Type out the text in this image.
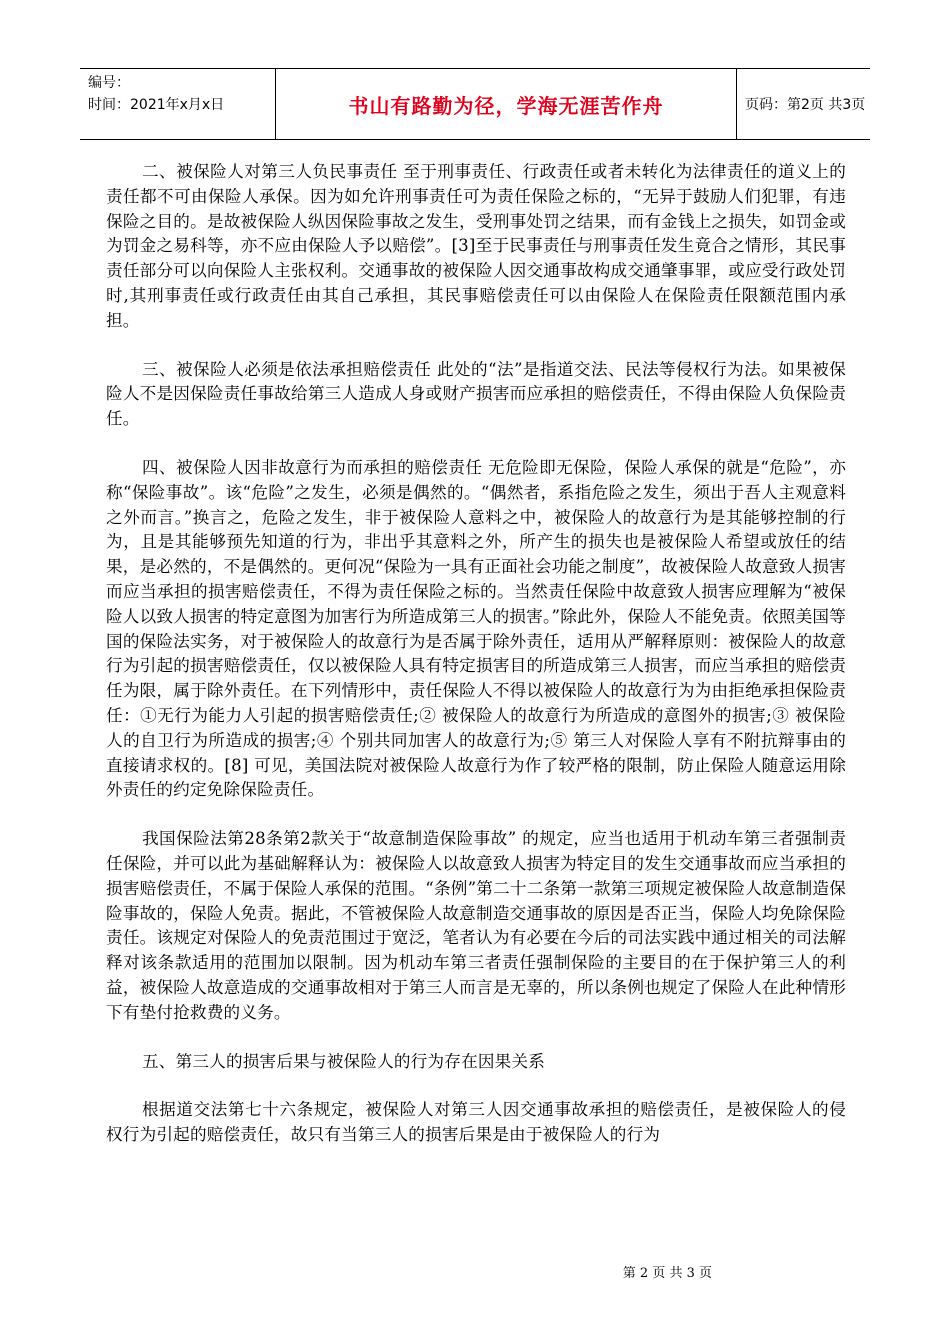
编号：
时间：2021年x月x日	书山有路勤为径，学海无涯苦作舟	页码：第2页 共3页

二、被保险人对第三人负民事责任 至于刑事责任、行政责任或者未转化为法律责任的道义上的责任都不可由保险人承保。因为如允许刑事责任可为责任保险之标的，“无异于鼓励人们犯罪，有违保险之目的。是故被保险人纵因保险事故之发生，受刑事处罚之结果，而有金钱上之损失，如罚金或为罚金之易科等，亦不应由保险人予以赔偿”。[3]至于民事责任与刑事责任发生竟合之情形，其民事责任部分可以向保险人主张权利。交通事故的被保险人因交通事故构成交通肇事罪，或应受行政处罚时,其刑事责任或行政责任由其自己承担，其民事赔偿责任可以由保险人在保险责任限额范围内承担。

三、被保险人必须是依法承担赔偿责任 此处的“法”是指道交法、民法等侵权行为法。如果被保险人不是因保险责任事故给第三人造成人身或财产损害而应承担的赔偿责任，不得由保险人负保险责任。

四、被保险人因非故意行为而承担的赔偿责任 无危险即无保险，保险人承保的就是“危险”，亦称“保险事故”。该“危险”之发生，必须是偶然的。“偶然者，系指危险之发生，须出于吾人主观意料之外而言。”换言之，危险之发生，非于被保险人意料之中，被保险人的故意行为是其能够控制的行为，且是其能够预先知道的行为，非出乎其意料之外，所产生的损失也是被保险人希望或放任的结果，是必然的，不是偶然的。更何况“保险为一具有正面社会功能之制度”，故被保险人故意致人损害而应当承担的损害赔偿责任，不得为责任保险之标的。当然责任保险中故意致人损害应理解为“被保险人以致人损害的特定意图为加害行为所造成第三人的损害。”除此外，保险人不能免责。依照美国等国的保险法实务，对于被保险人的故意行为是否属于除外责任，适用从严解释原则：被保险人的故意行为引起的损害赔偿责任，仅以被保险人具有特定损害目的所造成第三人损害，而应当承担的赔偿责任为限，属于除外责任。在下列情形中，责任保险人不得以被保险人的故意行为为由拒绝承担保险责任：①无行为能力人引起的损害赔偿责任;② 被保险人的故意行为所造成的意图外的损害;③ 被保险人的自卫行为所造成的损害;④ 个别共同加害人的故意行为;⑤ 第三人对保险人享有不附抗辩事由的直接请求权的。[8] 可见，美国法院对被保险人故意行为作了较严格的限制，防止保险人随意运用除外责任的约定免除保险责任。

我国保险法第28条第2款关于“故意制造保险事故” 的规定，应当也适用于机动车第三者强制责任保险，并可以此为基础解释认为：被保险人以故意致人损害为特定目的发生交通事故而应当承担的损害赔偿责任，不属于保险人承保的范围。“条例”第二十二条第一款第三项规定被保险人故意制造保险事故的，保险人免责。据此，不管被保险人故意制造交通事故的原因是否正当，保险人均免除保险责任。该规定对保险人的免责范围过于宽泛，笔者认为有必要在今后的司法实践中通过相关的司法解释对该条款适用的范围加以限制。因为机动车第三者责任强制保险的主要目的在于保护第三人的利益，被保险人故意造成的交通事故相对于第三人而言是无辜的，所以条例也规定了保险人在此种情形下有垫付抢救费的义务。

五、第三人的损害后果与被保险人的行为存在因果关系

根据道交法第七十六条规定，被保险人对第三人因交通事故承担的赔偿责任，是被保险人的侵权行为引起的赔偿责任，故只有当第三人的损害后果是由于被保险人的行为

第 2 页 共 3 页
